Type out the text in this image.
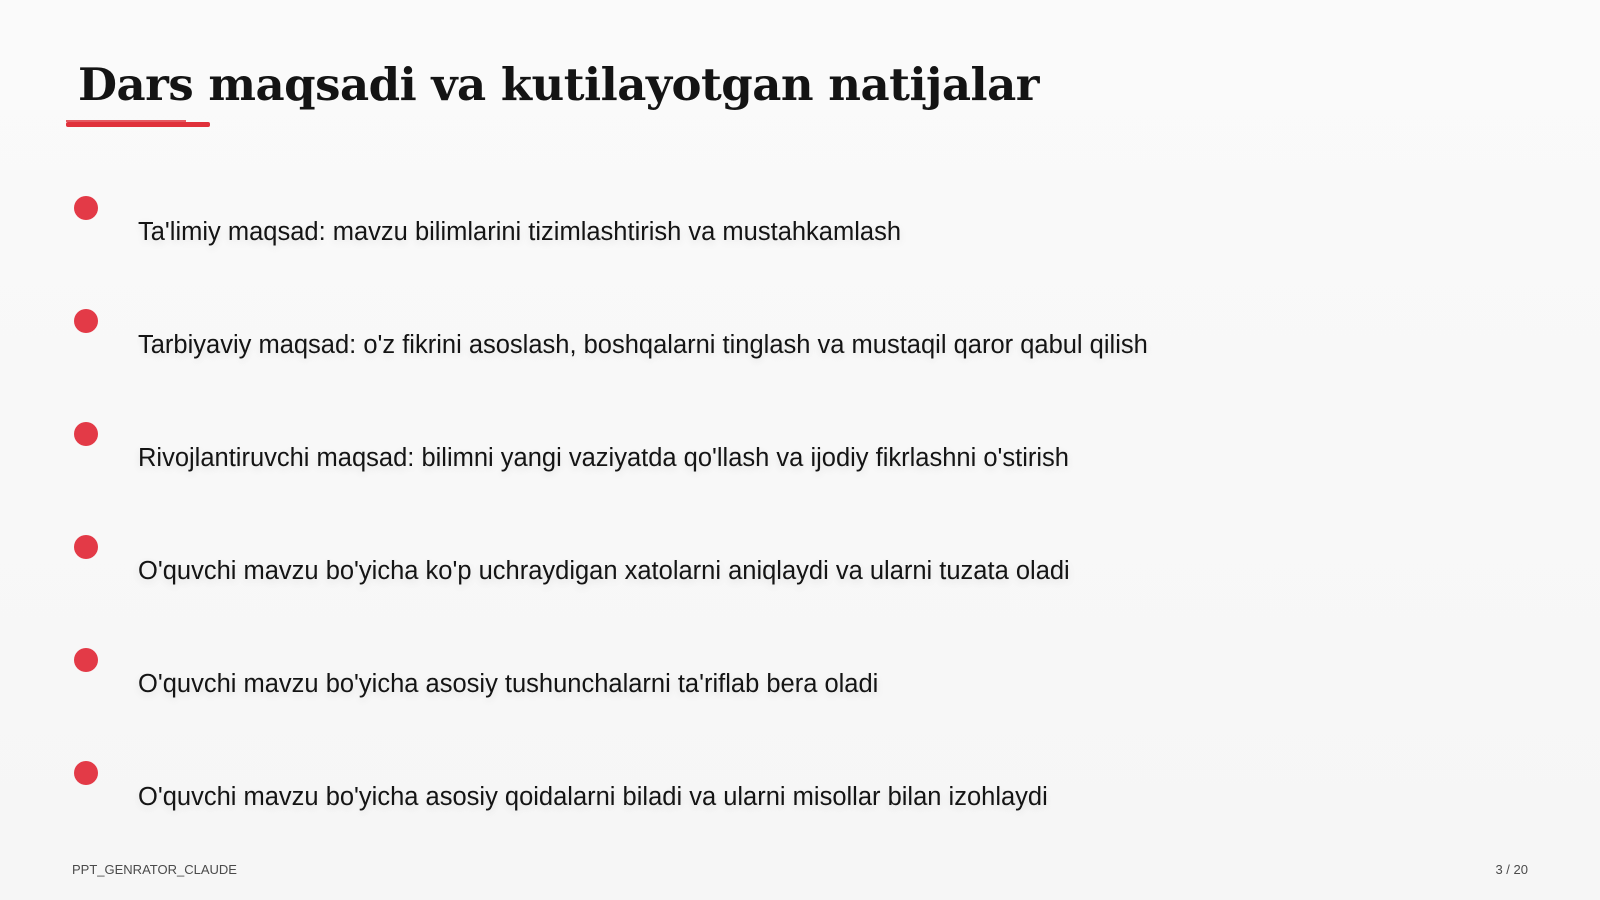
Dars maqsadi va kutilayotgan natijalar
Ta'limiy maqsad: mavzu bilimlarini tizimlashtirish va mustahkamlash
Tarbiyaviy maqsad: o'z fikrini asoslash, boshqalarni tinglash va mustaqil qaror qabul qilish
Rivojlantiruvchi maqsad: bilimni yangi vaziyatda qo'llash va ijodiy fikrlashni o'stirish
O'quvchi mavzu bo'yicha ko'p uchraydigan xatolarni aniqlaydi va ularni tuzata oladi
O'quvchi mavzu bo'yicha asosiy tushunchalarni ta'riflab bera oladi
O'quvchi mavzu bo'yicha asosiy qoidalarni biladi va ularni misollar bilan izohlaydi
PPT_GENRATOR_CLAUDE	3 / 20
